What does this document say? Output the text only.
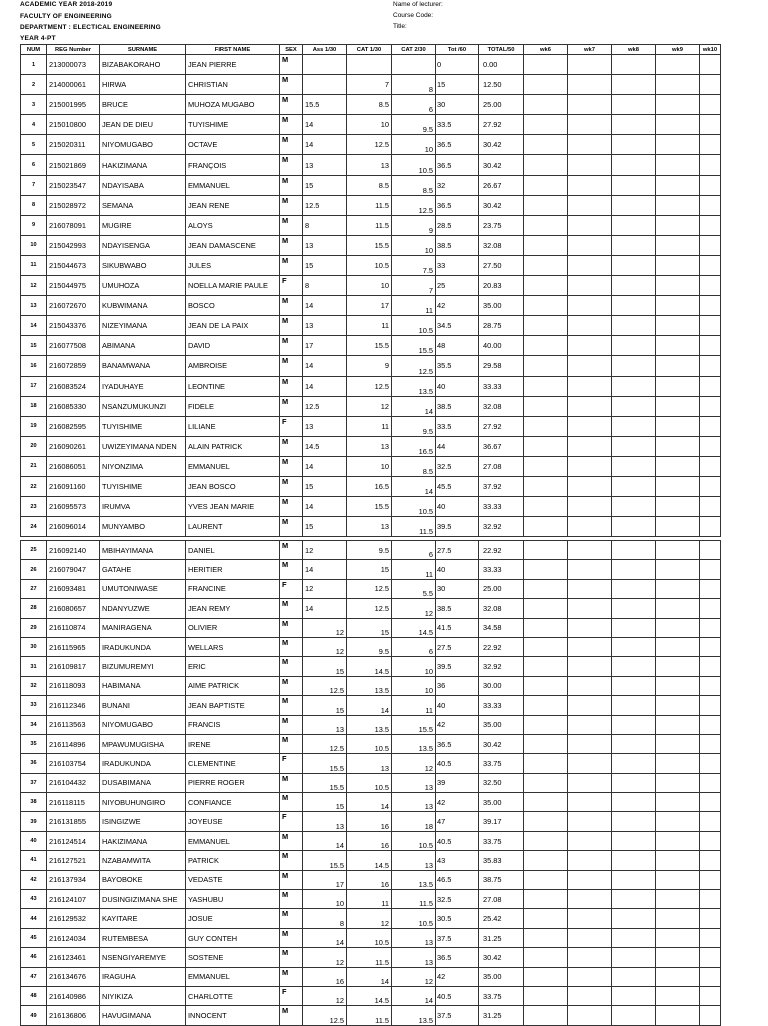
ACADEMIC YEAR 2018-2019
FACULTY OF ENGINEERING
DEPARTMENT : ELECTICAL ENGINEERING
YEAR 4-PT
Name of lecturer:
Course Code:
Title:
NUM	REG Number	SURNAME	FIRST NAME	SEX	Ass 1/30	CAT 1/30	CAT 2/30	Tot /60	TOTAL/50	wk6	wk7	wk8	wk9	wk10
1	213000073	BIZABAKORAHO	JEAN PIERRE	M				0	0.00					
2	214000061	HIRWA	CHRISTIAN	M		7	8	15	12.50					
3	215001995	BRUCE	MUHOZA MUGABO	M	15.5	8.5	6	30	25.00					
4	215010800	JEAN DE DIEU	TUYISHIME	M	14	10	9.5	33.5	27.92					
5	215020311	NIYOMUGABO	OCTAVE	M	14	12.5	10	36.5	30.42					
6	215021869	HAKIZIMANA	FRANÇOIS	M	13	13	10.5	36.5	30.42					
7	215023547	NDAYISABA	EMMANUEL	M	15	8.5	8.5	32	26.67					
8	215028972	SEMANA	JEAN RENE	M	12.5	11.5	12.5	36.5	30.42					
9	216078091	MUGIRE	ALOYS	M	8	11.5	9	28.5	23.75					
10	215042993	NDAYISENGA	JEAN DAMASCENE	M	13	15.5	10	38.5	32.08					
11	215044673	SIKUBWABO	JULES	M	15	10.5	7.5	33	27.50					
12	215044975	UMUHOZA	NOELLA MARIE PAULE	F	8	10	7	25	20.83					
13	216072670	KUBWIMANA	BOSCO	M	14	17	11	42	35.00					
14	215043376	NIZEYIMANA	JEAN DE LA PAIX	M	13	11	10.5	34.5	28.75					
15	216077508	ABIMANA	DAVID	M	17	15.5	15.5	48	40.00					
16	216072859	BANAMWANA	AMBROISE	M	14	9	12.5	35.5	29.58					
17	216083524	IYADUHAYE	LEONTINE	M	14	12.5	13.5	40	33.33					
18	216085330	NSANZUMUKUNZI	FIDELE	M	12.5	12	14	38.5	32.08					
19	216082595	TUYISHIME	LILIANE	F	13	11	9.5	33.5	27.92					
20	216090261	UWIZEYIMANA NDEN	ALAIN PATRICK	M	14.5	13	16.5	44	36.67					
21	216086051	NIYONZIMA	EMMANUEL	M	14	10	8.5	32.5	27.08					
22	216091160	TUYISHIME	JEAN BOSCO	M	15	16.5	14	45.5	37.92					
23	216095573	IRUMVA	YVES JEAN MARIE	M	14	15.5	10.5	40	33.33					
24	216096014	MUNYAMBO	LAURENT	M	15	13	11.5	39.5	32.92					
25	216092140	MBIHAYIMANA	DANIEL	M	12	9.5	6	27.5	22.92					
26	216079047	GATAHE	HERITIER	M	14	15	11	40	33.33					
27	216093481	UMUTONIWASE	FRANCINE	F	12	12.5	5.5	30	25.00					
28	216080657	NDANYUZWE	JEAN REMY	M	14	12.5	12	38.5	32.08					
29	216110874	MANIRAGENA	OLIVIER	M	12	15	14.5	41.5	34.58					
30	216115965	IRADUKUNDA	WELLARS	M	12	9.5	6	27.5	22.92					
31	216109817	BIZUMUREMYI	ERIC	M	15	14.5	10	39.5	32.92					
32	216118093	HABIMANA	AIME PATRICK	M	12.5	13.5	10	36	30.00					
33	216112346	BUNANI	JEAN BAPTISTE	M	15	14	11	40	33.33					
34	216113563	NIYOMUGABO	FRANCIS	M	13	13.5	15.5	42	35.00					
35	216114896	MPAWUMUGISHA	IRENE	M	12.5	10.5	13.5	36.5	30.42					
36	216103754	IRADUKUNDA	CLEMENTINE	F	15.5	13	12	40.5	33.75					
37	216104432	DUSABIMANA	PIERRE ROGER	M	15.5	10.5	13	39	32.50					
38	216118115	NIYOBUHUNGIRO	CONFIANCE	M	15	14	13	42	35.00					
39	216131855	ISINGIZWE	JOYEUSE	F	13	16	18	47	39.17					
40	216124514	HAKIZIMANA	EMMANUEL	M	14	16	10.5	40.5	33.75					
41	216127521	NZABAMWITA	PATRICK	M	15.5	14.5	13	43	35.83					
42	216137934	BAYOBOKE	VEDASTE	M	17	16	13.5	46.5	38.75					
43	216124107	DUSINGIZIMANA SHE	YASHUBU	M	10	11	11.5	32.5	27.08					
44	216129532	KAYITARE	JOSUE	M	8	12	10.5	30.5	25.42					
45	216124034	RUTEMBESA	GUY CONTEH	M	14	10.5	13	37.5	31.25					
46	216123461	NSENGIYAREMYE	SOSTENE	M	12	11.5	13	36.5	30.42					
47	216134676	IRAGUHA	EMMANUEL	M	16	14	12	42	35.00					
48	216140986	NIYIKIZA	CHARLOTTE	F	12	14.5	14	40.5	33.75					
49	216136806	HAVUGIMANA	INNOCENT	M	12.5	11.5	13.5	37.5	31.25					
